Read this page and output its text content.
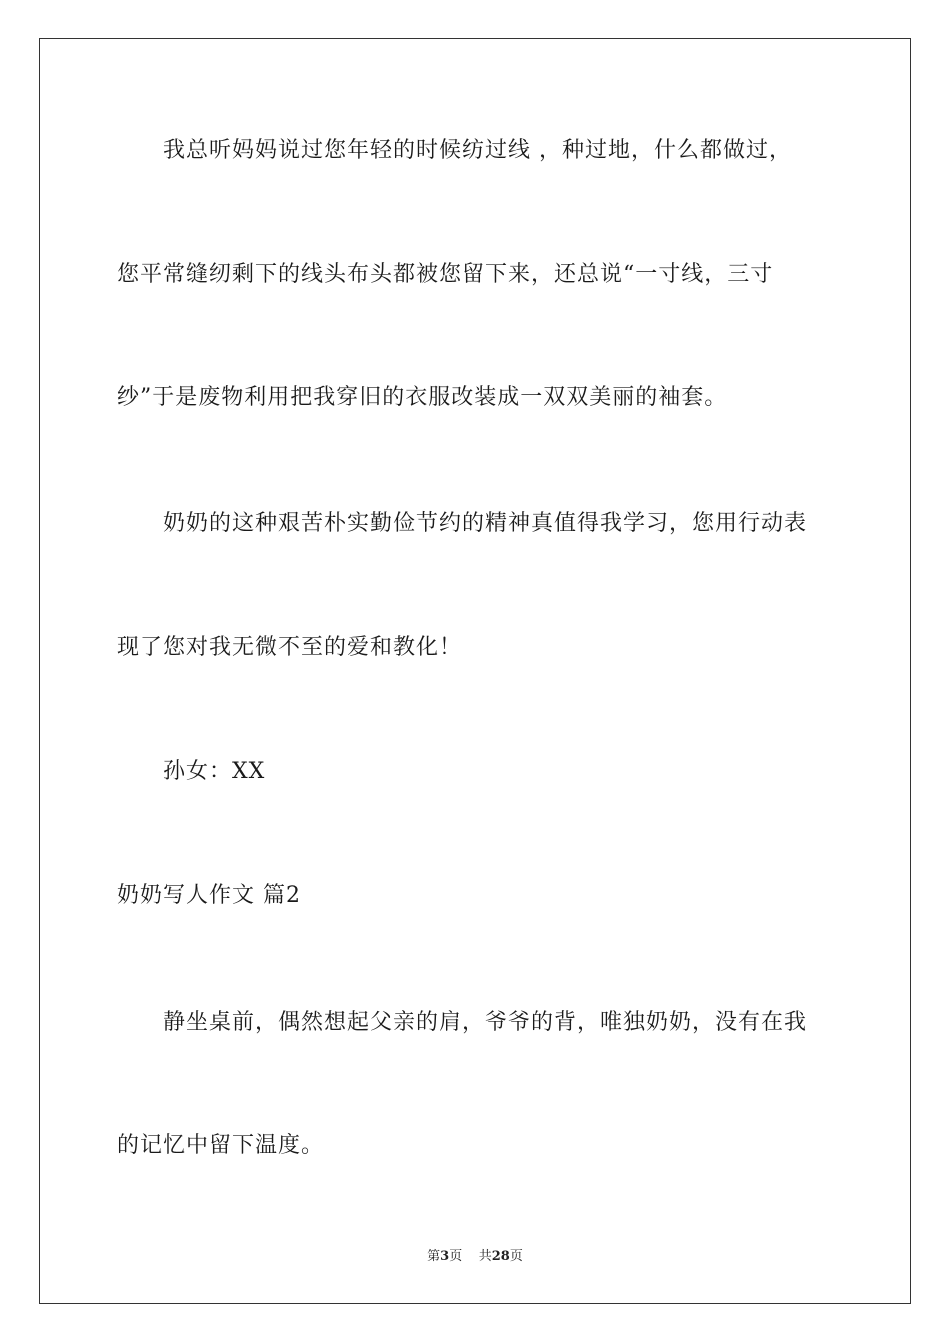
我总听妈妈说过您年轻的时候纺过线 ，种过地，什么都做过，
您平常缝纫剩下的线头布头都被您留下来，还总说“一寸线，三寸
纱”于是废物利用把我穿旧的衣服改装成一双双美丽的袖套。
奶奶的这种艰苦朴实勤俭节约的精神真值得我学习，您用行动表
现了您对我无微不至的爱和教化！
孙女：XX
奶奶写人作文 篇2
静坐桌前，偶然想起父亲的肩，爷爷的背，唯独奶奶，没有在我
的记忆中留下温度。
第3页 共28页
